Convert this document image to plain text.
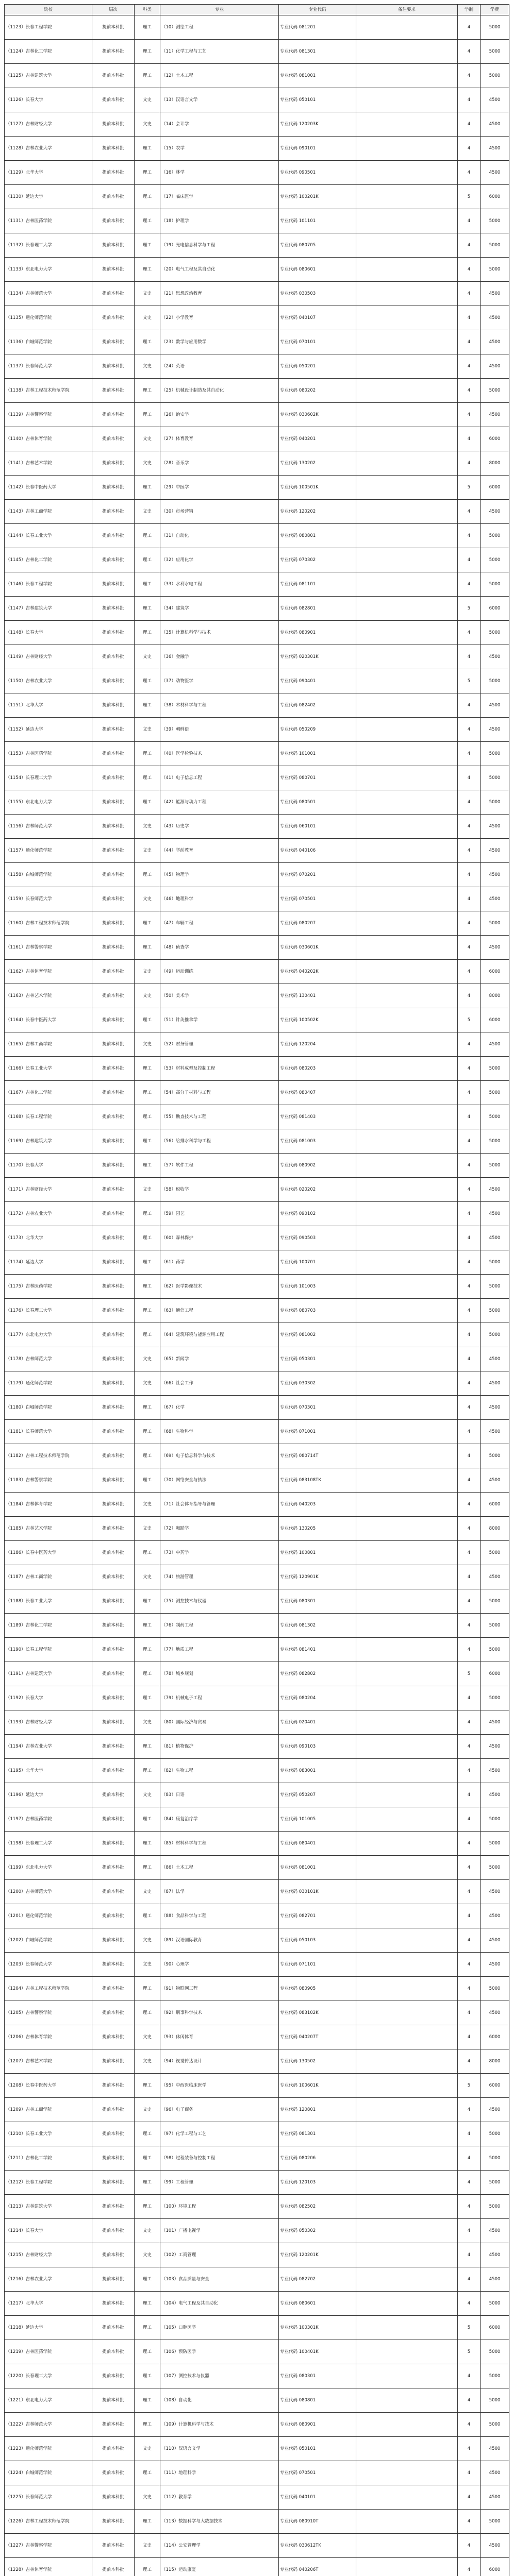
院校	层次	科类	专业	专业代码	备注要求	学制	学费
（1123）长春工程学院	提前本科批	理工	（10）测绘工程	专业代码 081201		4	5000
（1124）吉林化工学院	提前本科批	理工	（11）化学工程与工艺	专业代码 081301		4	5000
（1125）吉林建筑大学	提前本科批	理工	（12）土木工程	专业代码 081001		4	5000
（1126）长春大学	提前本科批	文史	（13）汉语言文学	专业代码 050101		4	4500
（1127）吉林财经大学	提前本科批	文史	（14）会计学	专业代码 120203K		4	4500
（1128）吉林农业大学	提前本科批	理工	（15）农学	专业代码 090101		4	4500
（1129）北华大学	提前本科批	理工	（16）林学	专业代码 090501		4	4500
（1130）延边大学	提前本科批	理工	（17）临床医学	专业代码 100201K		5	6000
（1131）吉林医药学院	提前本科批	理工	（18）护理学	专业代码 101101		4	5000
（1132）长春理工大学	提前本科批	理工	（19）光电信息科学与工程	专业代码 080705		4	5000
（1133）东北电力大学	提前本科批	理工	（20）电气工程及其自动化	专业代码 080601		4	5000
（1134）吉林师范大学	提前本科批	文史	（21）思想政治教育	专业代码 030503		4	4500
（1135）通化师范学院	提前本科批	文史	（22）小学教育	专业代码 040107		4	4500
（1136）白城师范学院	提前本科批	理工	（23）数学与应用数学	专业代码 070101		4	4500
（1137）长春师范大学	提前本科批	文史	（24）英语	专业代码 050201		4	4500
（1138）吉林工程技术师范学院	提前本科批	理工	（25）机械设计制造及其自动化	专业代码 080202		4	5000
（1139）吉林警察学院	提前本科批	理工	（26）治安学	专业代码 030602K		4	4500
（1140）吉林体育学院	提前本科批	文史	（27）体育教育	专业代码 040201		4	6000
（1141）吉林艺术学院	提前本科批	文史	（28）音乐学	专业代码 130202		4	8000
（1142）长春中医药大学	提前本科批	理工	（29）中医学	专业代码 100501K		5	6000
（1143）吉林工商学院	提前本科批	文史	（30）市场营销	专业代码 120202		4	4500
（1144）长春工业大学	提前本科批	理工	（31）自动化	专业代码 080801		4	5000
（1145）吉林化工学院	提前本科批	理工	（32）应用化学	专业代码 070302		4	5000
（1146）长春工程学院	提前本科批	理工	（33）水利水电工程	专业代码 081101		4	5000
（1147）吉林建筑大学	提前本科批	理工	（34）建筑学	专业代码 082801		5	6000
（1148）长春大学	提前本科批	理工	（35）计算机科学与技术	专业代码 080901		4	5000
（1149）吉林财经大学	提前本科批	文史	（36）金融学	专业代码 020301K		4	4500
（1150）吉林农业大学	提前本科批	理工	（37）动物医学	专业代码 090401		5	5000
（1151）北华大学	提前本科批	理工	（38）木材科学与工程	专业代码 082402		4	4500
（1152）延边大学	提前本科批	文史	（39）朝鲜语	专业代码 050209		4	4500
（1153）吉林医药学院	提前本科批	理工	（40）医学检验技术	专业代码 101001		4	5000
（1154）长春理工大学	提前本科批	理工	（41）电子信息工程	专业代码 080701		4	5000
（1155）东北电力大学	提前本科批	理工	（42）能源与动力工程	专业代码 080501		4	5000
（1156）吉林师范大学	提前本科批	文史	（43）历史学	专业代码 060101		4	4500
（1157）通化师范学院	提前本科批	文史	（44）学前教育	专业代码 040106		4	4500
（1158）白城师范学院	提前本科批	理工	（45）物理学	专业代码 070201		4	4500
（1159）长春师范大学	提前本科批	文史	（46）地理科学	专业代码 070501		4	4500
（1160）吉林工程技术师范学院	提前本科批	理工	（47）车辆工程	专业代码 080207		4	5000
（1161）吉林警察学院	提前本科批	理工	（48）侦查学	专业代码 030601K		4	4500
（1162）吉林体育学院	提前本科批	文史	（49）运动训练	专业代码 040202K		4	6000
（1163）吉林艺术学院	提前本科批	文史	（50）美术学	专业代码 130401		4	8000
（1164）长春中医药大学	提前本科批	理工	（51）针灸推拿学	专业代码 100502K		5	6000
（1165）吉林工商学院	提前本科批	文史	（52）财务管理	专业代码 120204		4	4500
（1166）长春工业大学	提前本科批	理工	（53）材料成型及控制工程	专业代码 080203		4	5000
（1167）吉林化工学院	提前本科批	理工	（54）高分子材料与工程	专业代码 080407		4	5000
（1168）长春工程学院	提前本科批	理工	（55）勘查技术与工程	专业代码 081403		4	5000
（1169）吉林建筑大学	提前本科批	理工	（56）给排水科学与工程	专业代码 081003		4	5000
（1170）长春大学	提前本科批	理工	（57）软件工程	专业代码 080902		4	5000
（1171）吉林财经大学	提前本科批	文史	（58）税收学	专业代码 020202		4	4500
（1172）吉林农业大学	提前本科批	理工	（59）园艺	专业代码 090102		4	4500
（1173）北华大学	提前本科批	理工	（60）森林保护	专业代码 090503		4	4500
（1174）延边大学	提前本科批	理工	（61）药学	专业代码 100701		4	5000
（1175）吉林医药学院	提前本科批	理工	（62）医学影像技术	专业代码 101003		4	5000
（1176）长春理工大学	提前本科批	理工	（63）通信工程	专业代码 080703		4	5000
（1177）东北电力大学	提前本科批	理工	（64）建筑环境与能源应用工程	专业代码 081002		4	5000
（1178）吉林师范大学	提前本科批	文史	（65）新闻学	专业代码 050301		4	4500
（1179）通化师范学院	提前本科批	文史	（66）社会工作	专业代码 030302		4	4500
（1180）白城师范学院	提前本科批	理工	（67）化学	专业代码 070301		4	4500
（1181）长春师范大学	提前本科批	理工	（68）生物科学	专业代码 071001		4	4500
（1182）吉林工程技术师范学院	提前本科批	理工	（69）电子信息科学与技术	专业代码 080714T		4	5000
（1183）吉林警察学院	提前本科批	理工	（70）网络安全与执法	专业代码 083108TK		4	4500
（1184）吉林体育学院	提前本科批	文史	（71）社会体育指导与管理	专业代码 040203		4	6000
（1185）吉林艺术学院	提前本科批	文史	（72）舞蹈学	专业代码 130205		4	8000
（1186）长春中医药大学	提前本科批	理工	（73）中药学	专业代码 100801		4	5000
（1187）吉林工商学院	提前本科批	文史	（74）旅游管理	专业代码 120901K		4	4500
（1188）长春工业大学	提前本科批	理工	（75）测控技术与仪器	专业代码 080301		4	5000
（1189）吉林化工学院	提前本科批	理工	（76）制药工程	专业代码 081302		4	5000
（1190）长春工程学院	提前本科批	理工	（77）地质工程	专业代码 081401		4	5000
（1191）吉林建筑大学	提前本科批	理工	（78）城乡规划	专业代码 082802		5	6000
（1192）长春大学	提前本科批	理工	（79）机械电子工程	专业代码 080204		4	5000
（1193）吉林财经大学	提前本科批	文史	（80）国际经济与贸易	专业代码 020401		4	4500
（1194）吉林农业大学	提前本科批	理工	（81）植物保护	专业代码 090103		4	4500
（1195）北华大学	提前本科批	理工	（82）生物工程	专业代码 083001		4	4500
（1196）延边大学	提前本科批	文史	（83）日语	专业代码 050207		4	4500
（1197）吉林医药学院	提前本科批	理工	（84）康复治疗学	专业代码 101005		4	5000
（1198）长春理工大学	提前本科批	理工	（85）材料科学与工程	专业代码 080401		4	5000
（1199）东北电力大学	提前本科批	理工	（86）土木工程	专业代码 081001		4	5000
（1200）吉林师范大学	提前本科批	文史	（87）法学	专业代码 030101K		4	4500
（1201）通化师范学院	提前本科批	理工	（88）食品科学与工程	专业代码 082701		4	4500
（1202）白城师范学院	提前本科批	文史	（89）汉语国际教育	专业代码 050103		4	4500
（1203）长春师范大学	提前本科批	文史	（90）心理学	专业代码 071101		4	4500
（1204）吉林工程技术师范学院	提前本科批	理工	（91）物联网工程	专业代码 080905		4	5000
（1205）吉林警察学院	提前本科批	理工	（92）刑事科学技术	专业代码 083102K		4	4500
（1206）吉林体育学院	提前本科批	文史	（93）休闲体育	专业代码 040207T		4	6000
（1207）吉林艺术学院	提前本科批	文史	（94）视觉传达设计	专业代码 130502		4	8000
（1208）长春中医药大学	提前本科批	理工	（95）中西医临床医学	专业代码 100601K		5	6000
（1209）吉林工商学院	提前本科批	文史	（96）电子商务	专业代码 120801		4	4500
（1210）长春工业大学	提前本科批	理工	（97）化学工程与工艺	专业代码 081301		4	5000
（1211）吉林化工学院	提前本科批	理工	（98）过程装备与控制工程	专业代码 080206		4	5000
（1212）长春工程学院	提前本科批	理工	（99）工程管理	专业代码 120103		4	5000
（1213）吉林建筑大学	提前本科批	理工	（100）环境工程	专业代码 082502		4	5000
（1214）长春大学	提前本科批	文史	（101）广播电视学	专业代码 050302		4	4500
（1215）吉林财经大学	提前本科批	文史	（102）工商管理	专业代码 120201K		4	4500
（1216）吉林农业大学	提前本科批	理工	（103）食品质量与安全	专业代码 082702		4	4500
（1217）北华大学	提前本科批	理工	（104）电气工程及其自动化	专业代码 080601		4	5000
（1218）延边大学	提前本科批	理工	（105）口腔医学	专业代码 100301K		5	6000
（1219）吉林医药学院	提前本科批	理工	（106）预防医学	专业代码 100401K		5	5000
（1220）长春理工大学	提前本科批	理工	（107）测控技术与仪器	专业代码 080301		4	5000
（1221）东北电力大学	提前本科批	理工	（108）自动化	专业代码 080801		4	5000
（1222）吉林师范大学	提前本科批	理工	（109）计算机科学与技术	专业代码 080901		4	5000
（1223）通化师范学院	提前本科批	文史	（110）汉语言文学	专业代码 050101		4	4500
（1224）白城师范学院	提前本科批	理工	（111）地理科学	专业代码 070501		4	4500
（1225）长春师范大学	提前本科批	文史	（112）教育学	专业代码 040101		4	4500
（1226）吉林工程技术师范学院	提前本科批	理工	（113）数据科学与大数据技术	专业代码 080910T		4	5000
（1227）吉林警察学院	提前本科批	文史	（114）公安管理学	专业代码 030612TK		4	4500
（1228）吉林体育学院	提前本科批	理工	（115）运动康复	专业代码 040206T		4	6000
